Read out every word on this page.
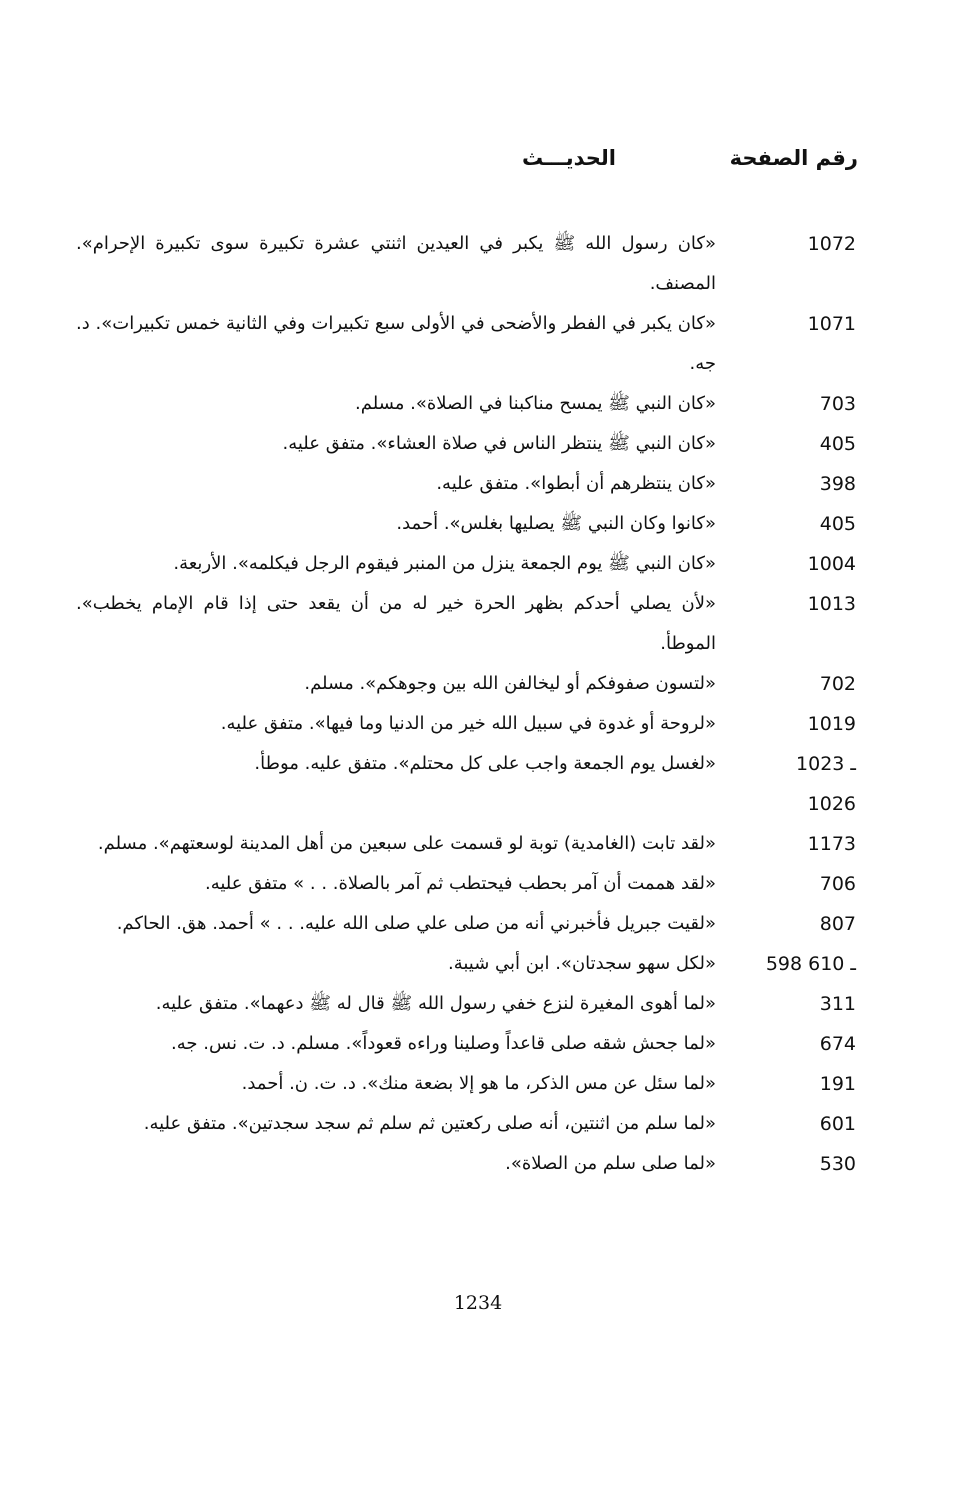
رقم الصفحة
الحديـــث
1072
«كان رسول الله ﷺ يكبر في العيدين اثنتي عشرة تكبيرة سوى تكبيرة الإحرام». المصنف.
1071
«كان يكبر في الفطر والأضحى في الأولى سبع تكبيرات وفي الثانية خمس تكبيرات». د. جه.
703
«كان النبي ﷺ يمسح مناكبنا في الصلاة». مسلم.
405
«كان النبي ﷺ ينتظر الناس في صلاة العشاء». متفق عليه.
398
«كان ينتظرهم أن أبطوا». متفق عليه.
405
«كانوا وكان النبي ﷺ يصليها بغلس». أحمد.
1004
«كان النبي ﷺ يوم الجمعة ينزل من المنبر فيقوم الرجل فيكلمه». الأربعة.
1013
«لأن يصلي أحدكم بظهر الحرة خير له من أن يقعد حتى إذا قام الإمام يخطب». الموطأ.
702
«لتسون صفوفكم أو ليخالفن الله بين وجوهكم». مسلم.
1019
«لروحة أو غدوة في سبيل الله خير من الدنيا وما فيها». متفق عليه.
1023 ـ 1026
«لغسل يوم الجمعة واجب على كل محتلم». متفق عليه. موطأ.
1173
«لقد تابت (الغامدية) توبة لو قسمت على سبعين من أهل المدينة لوسعتهم». مسلم.
706
«لقد هممت أن آمر بحطب فيحتطب ثم آمر بالصلاة. . . » متفق عليه.
807
«لقيت جبريل فأخبرني أنه من صلى علي صلى الله عليه. . . » أحمد. هق. الحاكم.
598 ـ 610
«لكل سهو سجدتان». ابن أبي شيبة.
311
«لما أهوى المغيرة لنزع خفي رسول الله ﷺ قال له ﷺ دعهما». متفق عليه.
674
«لما جحش شقه صلى قاعداً وصلينا وراءه قعوداً». مسلم. د. ت. نس. جه.
191
«لما سئل عن مس الذكر، ما هو إلا بضعة منك». د. ت. ن. أحمد.
601
«لما سلم من اثنتين، أنه صلى ركعتين ثم سلم ثم سجد سجدتين». متفق عليه.
530
«لما صلى سلم من الصلاة».
1234
